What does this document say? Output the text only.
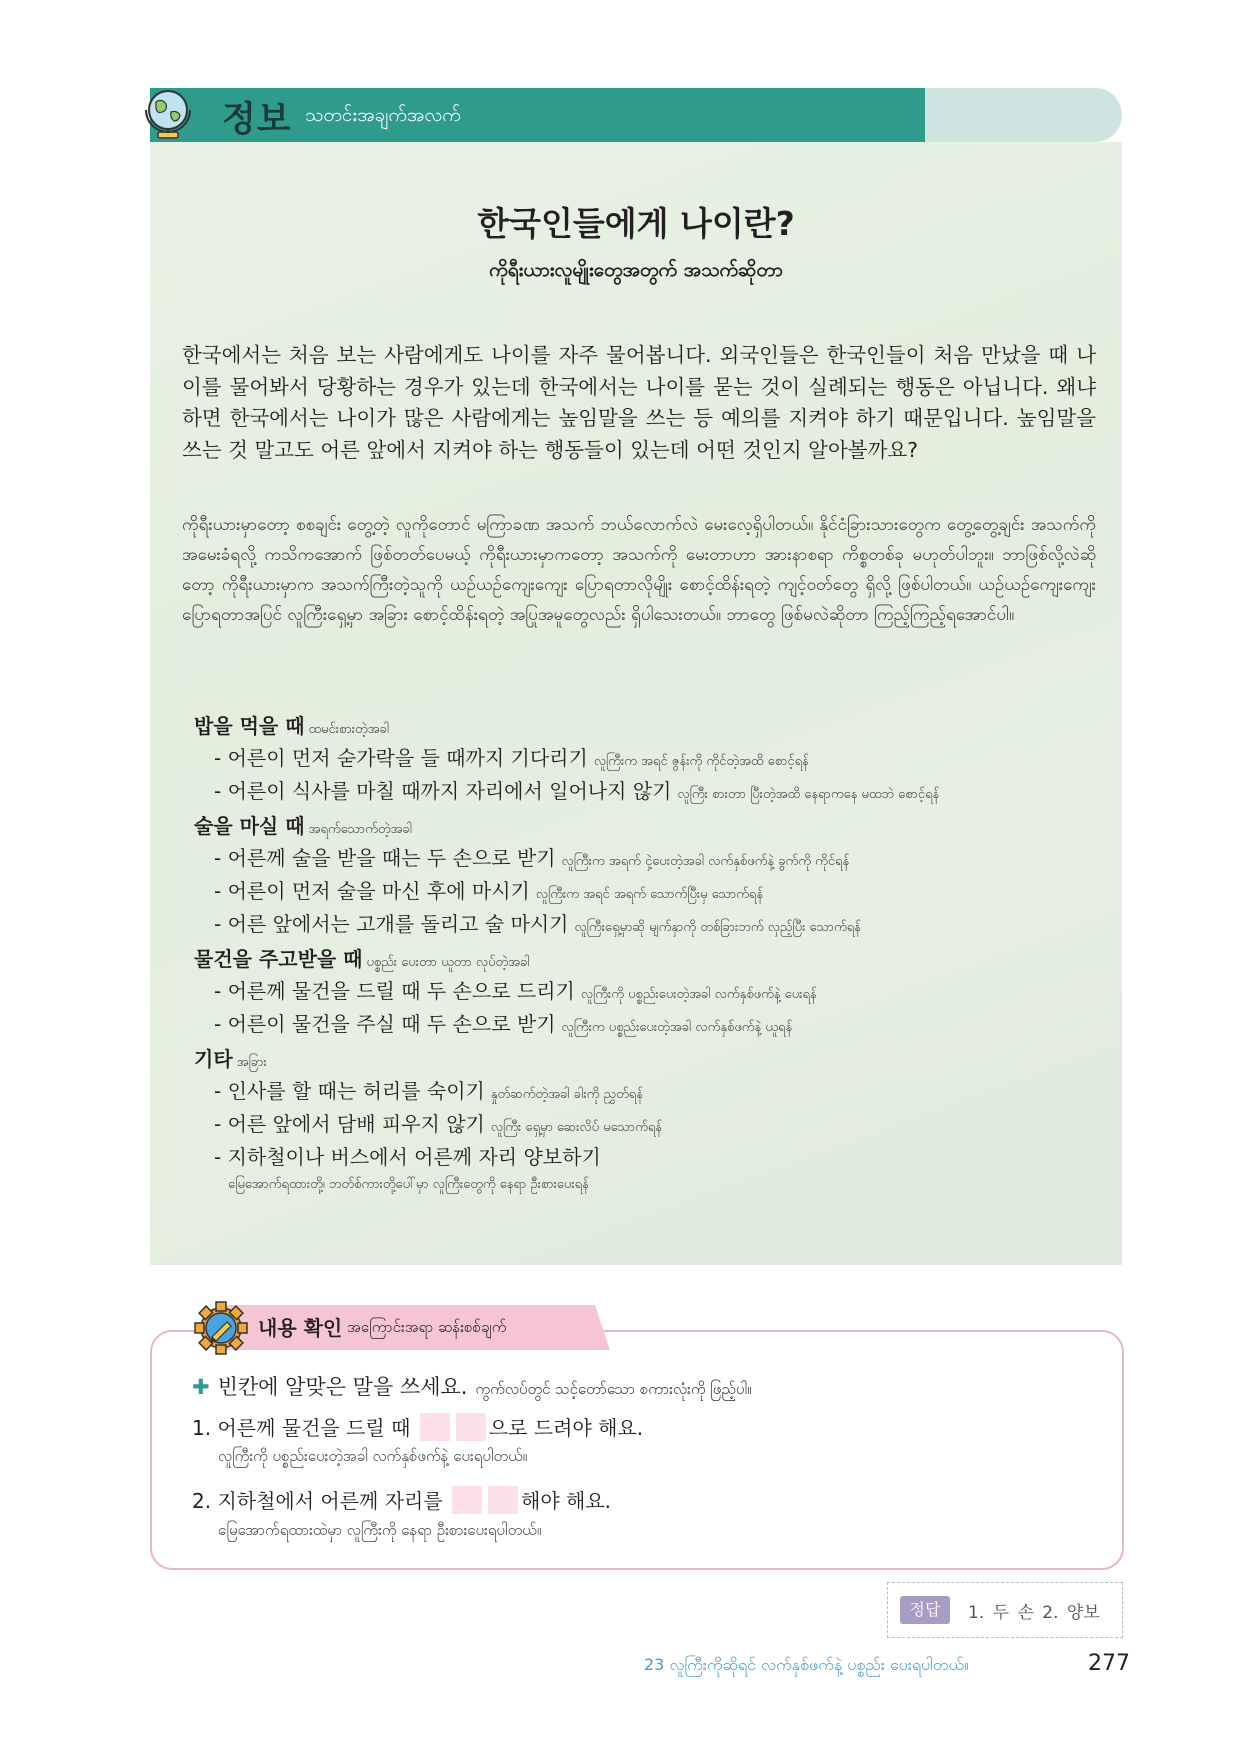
정보 သတင်းအချက်အလက်
한국인들에게 나이란?
ကိုရီးယားလူမျိုးတွေအတွက် အသက်ဆိုတာ
한국에서는 처음 보는 사람에게도 나이를 자주 물어봅니다. 외국인들은 한국인들이 처음 만났을 때 나이를 물어봐서 당황하는 경우가 있는데 한국에서는 나이를 묻는 것이 실례되는 행동은 아닙니다. 왜냐하면 한국에서는 나이가 많은 사람에게는 높임말을 쓰는 등 예의를 지켜야 하기 때문입니다. 높임말을 쓰는 것 말고도 어른 앞에서 지켜야 하는 행동들이 있는데 어떤 것인지 알아볼까요?
ကိုရီးယားမှာတော့ စစချင်း တွေ့တဲ့ လူကိုတောင် မကြာခဏ အသက် ဘယ်လောက်လဲ မေးလေ့ရှိပါတယ်။ နိုင်ငံခြားသားတွေက တွေ့တွေ့ချင်း အသက်ကို အမေးခံရလို့ ကသိကအောက် ဖြစ်တတ်ပေမယ့် ကိုရီးယားမှာကတော့ အသက်ကို မေးတာဟာ အားနာစရာ ကိစ္စတစ်ခု မဟုတ်ပါဘူး။ ဘာဖြစ်လို့လဲဆိုတော့ ကိုရီးယားမှာက အသက်ကြီးတဲ့သူကို ယဉ်ယဉ်ကျေးကျေး ပြောရတာလိုမျိုး စောင့်ထိန်းရတဲ့ ကျင့်ဝတ်တွေ ရှိလို့ ဖြစ်ပါတယ်။ ယဉ်ယဉ်ကျေးကျေး ပြောရတာအပြင် လူကြီးရှေ့မှာ အခြား စောင့်ထိန်းရတဲ့ အပြုအမူတွေလည်း ရှိပါသေးတယ်။ ဘာတွေ ဖြစ်မလဲဆိုတာ ကြည့်ကြည့်ရအောင်ပါ။
밥을 먹을 때 ထမင်းစားတဲ့အခါ
- 어른이 먼저 숟가락을 들 때까지 기다리기 လူကြီးက အရင် ဇွန်းကို ကိုင်တဲ့အထိ စောင့်ရန်
- 어른이 식사를 마칠 때까지 자리에서 일어나지 않기 လူကြီး စားတာ ပြီးတဲ့အထိ နေရာကနေ မထဘဲ စောင့်ရန်
술을 마실 때 အရက်သောက်တဲ့အခါ
- 어른께 술을 받을 때는 두 손으로 받기 လူကြီးက အရက် ငှဲ့ပေးတဲ့အခါ လက်နှစ်ဖက်နဲ့ ခွက်ကို ကိုင်ရန်
- 어른이 먼저 술을 마신 후에 마시기 လူကြီးက အရင် အရက် သောက်ပြီးမှ သောက်ရန်
- 어른 앞에서는 고개를 돌리고 술 마시기 လူကြီးရှေ့မှာဆို မျက်နှာကို တစ်ခြားဘက် လှည့်ပြီး သောက်ရန်
물건을 주고받을 때 ပစ္စည်း ပေးတာ ယူတာ လုပ်တဲ့အခါ
- 어른께 물건을 드릴 때 두 손으로 드리기 လူကြီးကို ပစ္စည်းပေးတဲ့အခါ လက်နှစ်ဖက်နဲ့ ပေးရန်
- 어른이 물건을 주실 때 두 손으로 받기 လူကြီးက ပစ္စည်းပေးတဲ့အခါ လက်နှစ်ဖက်နဲ့ ယူရန်
기타 အခြား
- 인사를 할 때는 허리를 숙이기 နှုတ်ဆက်တဲ့အခါ ခါးကို ညွှတ်ရန်
- 어른 앞에서 담배 피우지 않기 လူကြီး ရှေ့မှာ ဆေးလိပ် မသောက်ရန်
- 지하철이나 버스에서 어른께 자리 양보하기
မြေအောက်ရထားတို့၊ ဘတ်စ်ကားတို့ပေါ်မှာ လူကြီးတွေကို နေရာ ဦးစားပေးရန်
내용 확인 အကြောင်းအရာ ဆန်းစစ်ချက်
✚ 빈칸에 알맞은 말을 쓰세요. ကွက်လပ်တွင် သင့်တော်သော စကားလုံးကို ဖြည့်ပါ။
1. 어른께 물건을 드릴 때	으로 드려야 해요.
လူကြီးကို ပစ္စည်းပေးတဲ့အခါ လက်နှစ်ဖက်နဲ့ ပေးရပါတယ်။
2. 지하철에서 어른께 자리를	해야 해요.
မြေအောက်ရထားထဲမှာ လူကြီးကို နေရာ ဦးစားပေးရပါတယ်။
정답	1. 두 손 2. 양보
23 လူကြီးကိုဆိုရင် လက်နှစ်ဖက်နဲ့ ပစ္စည်း ပေးရပါတယ်။	277
